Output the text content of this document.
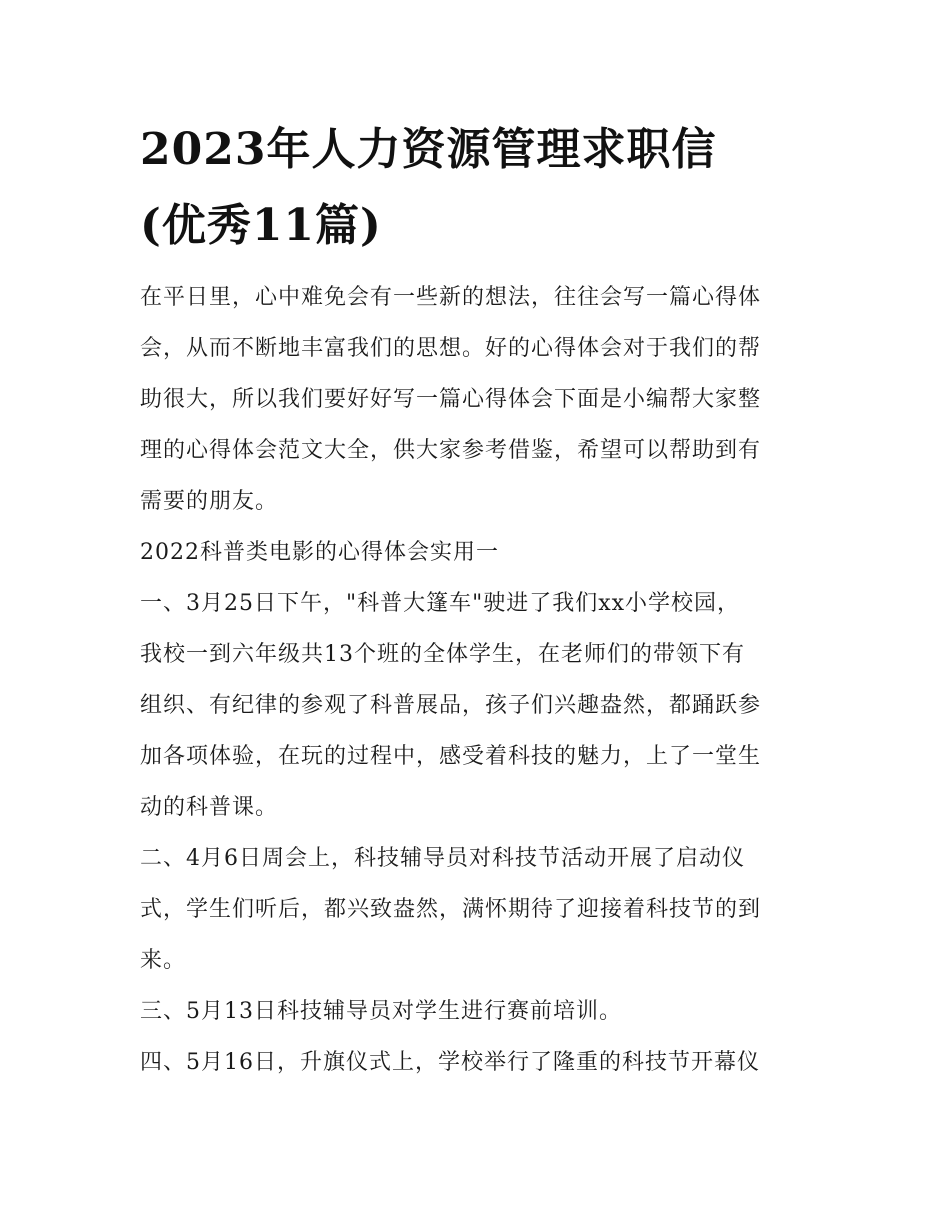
2023年人力资源管理求职信
(优秀11篇)
在平日里，心中难免会有一些新的想法，往往会写一篇心得体
会，从而不断地丰富我们的思想。好的心得体会对于我们的帮
助很大，所以我们要好好写一篇心得体会下面是小编帮大家整
理的心得体会范文大全，供大家参考借鉴，希望可以帮助到有
需要的朋友。
2022科普类电影的心得体会实用一
一、3月25日下午，"科普大篷车"驶进了我们xx小学校园，
我校一到六年级共13个班的全体学生，在老师们的带领下有
组织、有纪律的参观了科普展品，孩子们兴趣盎然，都踊跃参
加各项体验，在玩的过程中，感受着科技的魅力，上了一堂生
动的科普课。
二、4月6日周会上，科技辅导员对科技节活动开展了启动仪
式，学生们听后，都兴致盎然，满怀期待了迎接着科技节的到
来。
三、5月13日科技辅导员对学生进行赛前培训。
四、5月16日，升旗仪式上，学校举行了隆重的科技节开幕仪
